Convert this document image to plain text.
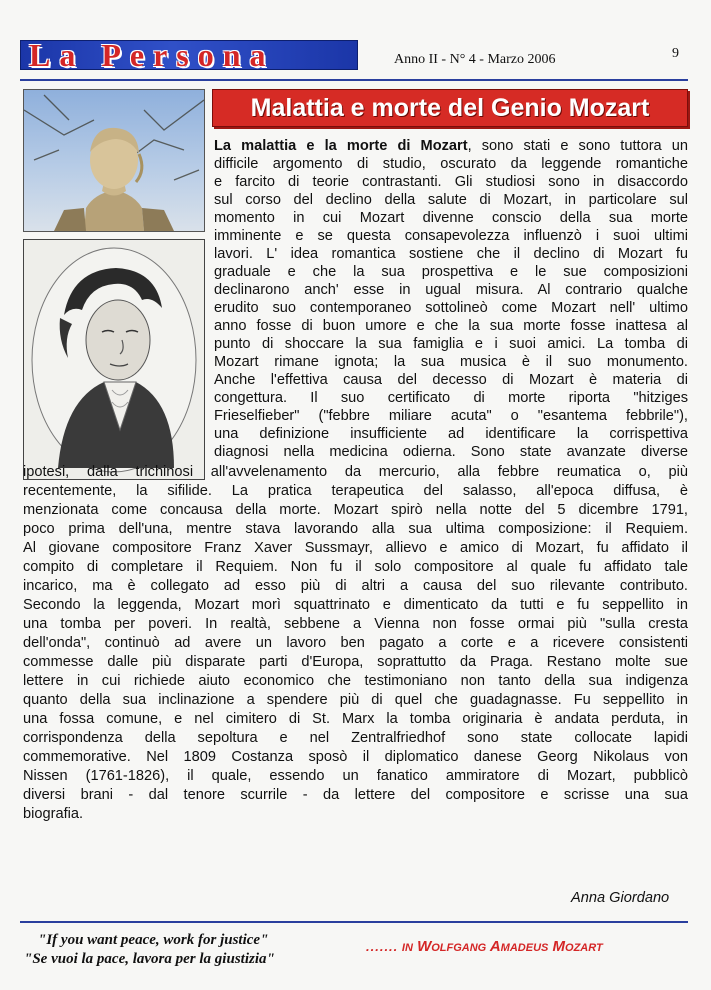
La Persona	Anno II - N° 4 - Marzo 2006	9
Malattia e morte del Genio Mozart
La malattia e la morte di Mozart, sono stati e sono tuttora un
difficile argomento di studio, oscurato da leggende romantiche
e farcito di teorie contrastanti. Gli studiosi sono in disaccordo
sul corso del declino della salute di Mozart, in particolare sul
momento in cui Mozart divenne conscio della sua morte
imminente e se questa consapevolezza influenzò i suoi ultimi
lavori. L' idea romantica sostiene che il declino di Mozart fu
graduale e che la sua prospettiva e le sue composizioni
declinarono anch' esse in ugual misura. Al contrario qualche
erudito suo contemporaneo sottolineò come Mozart nell' ultimo
anno fosse di buon umore e che la sua morte fosse inattesa al
punto di shoccare la sua famiglia e i suoi amici. La tomba di
Mozart rimane ignota; la sua musica è il suo monumento.
Anche l'effettiva causa del decesso di Mozart è materia di
congettura. Il suo certificato di morte riporta "hitziges
Frieselfieber" ("febbre miliare acuta" o "esantema febbrile"),
una definizione insufficiente ad identificare la corrispettiva
diagnosi nella medicina odierna. Sono state avanzate diverse
ipotesi, dalla trichinosi all'avvelenamento da mercurio, alla febbre reumatica o, più
recentemente, la sifilide. La pratica terapeutica del salasso, all'epoca diffusa, è
menzionata come concausa della morte. Mozart spirò nella notte del 5 dicembre 1791,
poco prima dell'una, mentre stava lavorando alla sua ultima composizione: il Requiem.
Al giovane compositore Franz Xaver Sussmayr, allievo e amico di Mozart, fu affidato il
compito di completare il Requiem. Non fu il solo compositore al quale fu affidato tale
incarico, ma è collegato ad esso più di altri a causa del suo rilevante contributo.
Secondo la leggenda, Mozart morì squattrinato e dimenticato da tutti e fu seppellito in
una tomba per poveri. In realtà, sebbene a Vienna non fosse ormai più "sulla cresta
dell'onda", continuò ad avere un lavoro ben pagato a corte e a ricevere consistenti
commesse dalle più disparate parti d'Europa, soprattutto da Praga. Restano molte sue
lettere in cui richiede aiuto economico che testimoniano non tanto della sua indigenza
quanto della sua inclinazione a spendere più di quel che guadagnasse. Fu seppellito in
una fossa comune, e nel cimitero di St. Marx la tomba originaria è andata perduta, in
corrispondenza della sepoltura e nel Zentralfriedhof sono state collocate lapidi
commemorative. Nel 1809 Costanza sposò il diplomatico danese Georg Nikolaus von
Nissen (1761-1826), il quale, essendo un fanatico ammiratore di Mozart, pubblicò
diversi brani - dal tenore scurrile - da lettere del compositore e scrisse una sua
biografia.
Anna Giordano
"If you want peace, work for justice"
"Se vuoi la pace, lavora per la giustizia"
....... in Wolfgang Amadeus Mozart
